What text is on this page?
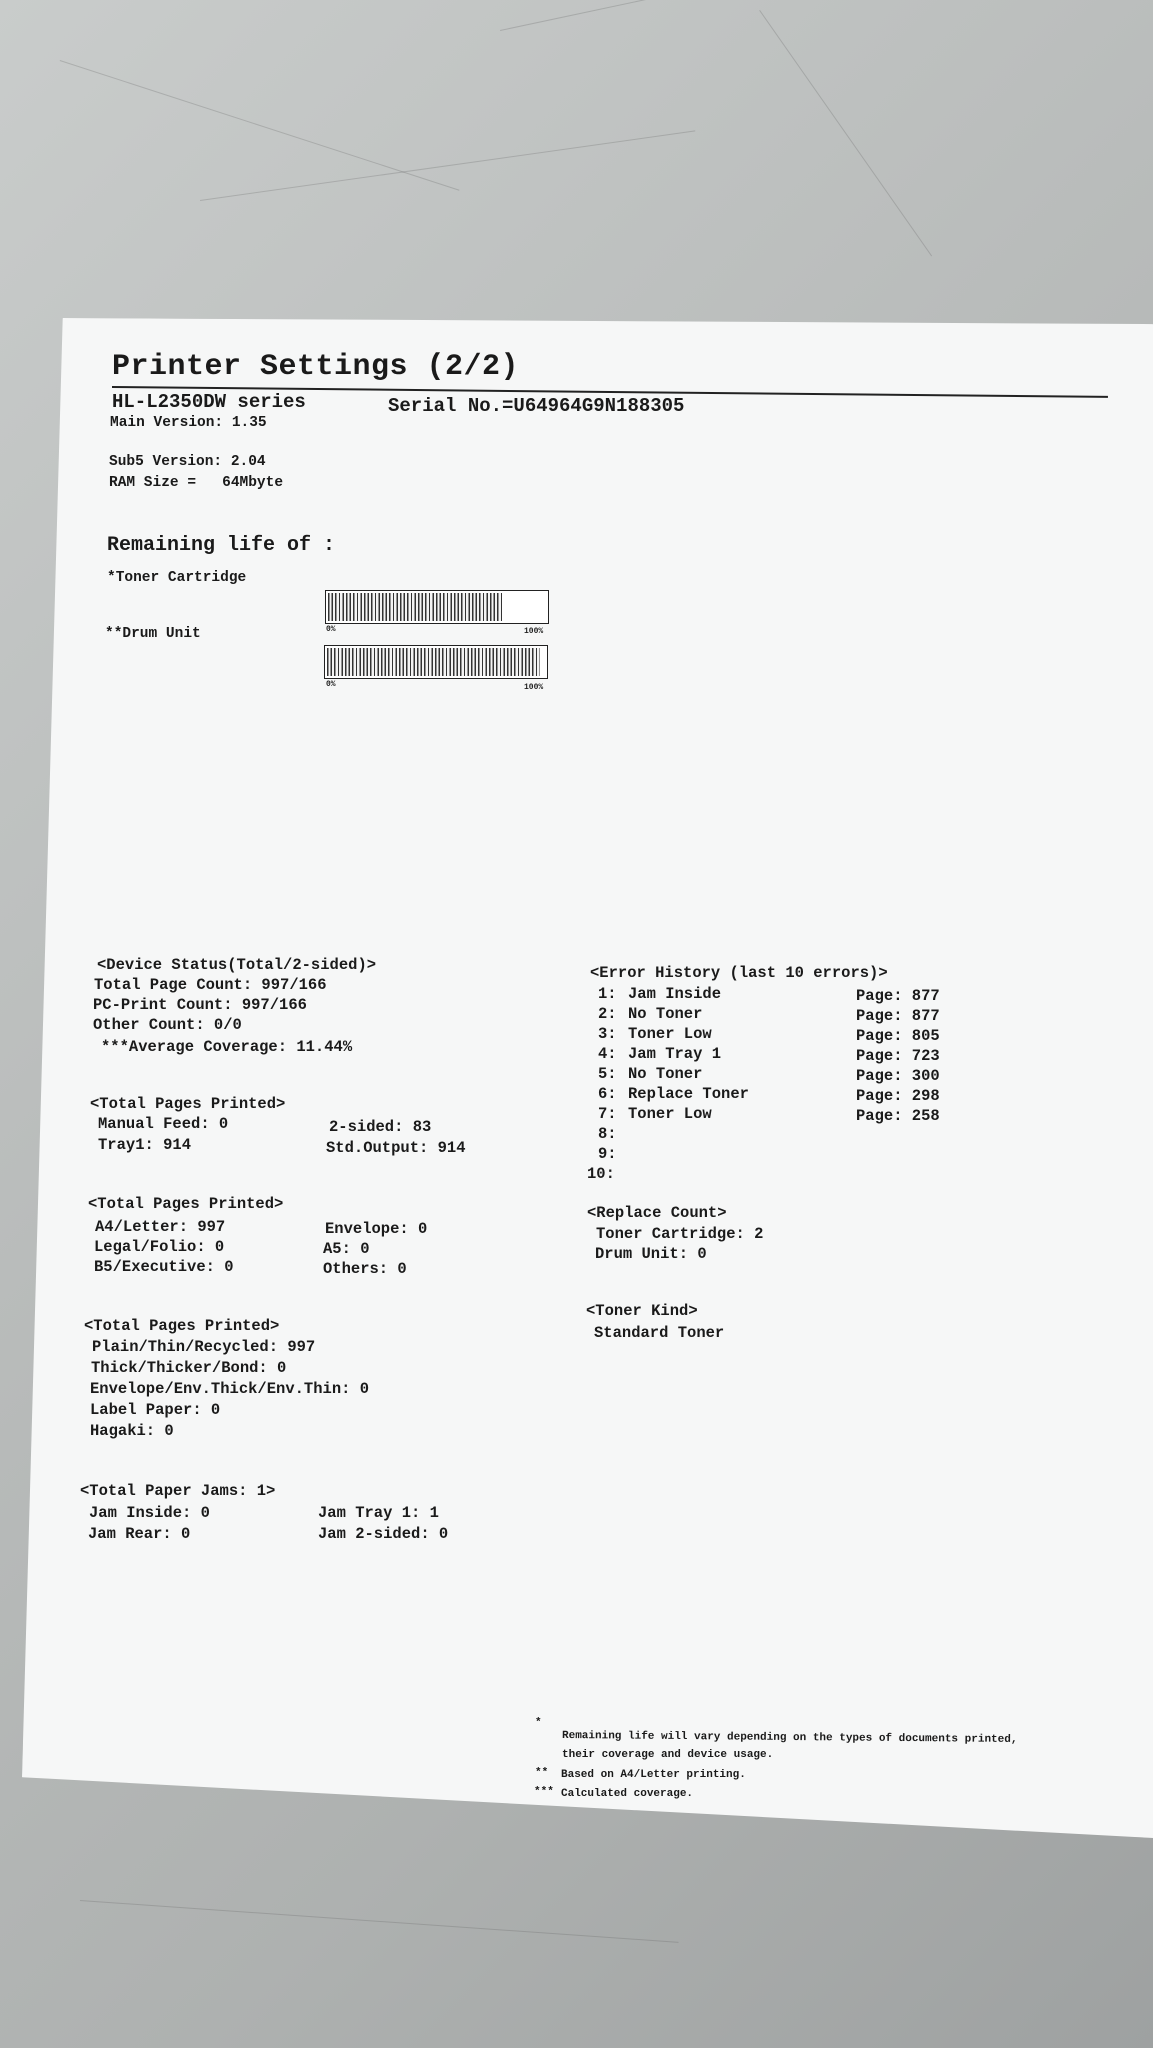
Printer Settings (2/2)
HL-L2350DW series	Serial No.=U64964G9N188305
Main Version: 1.35
Sub5 Version: 2.04
RAM Size =   64Mbyte
Remaining life of :
*Toner Cartridge
0%	100%
**Drum Unit
0%	100%
<Device Status(Total/2-sided)>
Total Page Count: 997/166
PC-Print Count: 997/166
Other Count: 0/0
***Average Coverage: 11.44%
<Total Pages Printed>
Manual Feed: 0	2-sided: 83
Tray1: 914	Std.Output: 914
<Total Pages Printed>
A4/Letter: 997	Envelope: 0
Legal/Folio: 0	A5: 0
B5/Executive: 0	Others: 0
<Total Pages Printed>
Plain/Thin/Recycled: 997
Thick/Thicker/Bond: 0
Envelope/Env.Thick/Env.Thin: 0
Label Paper: 0
Hagaki: 0
<Total Paper Jams: 1>
Jam Inside: 0	Jam Tray 1: 1
Jam Rear: 0	Jam 2-sided: 0
<Error History (last 10 errors)>
1: Jam Inside	Page: 877
2: No Toner	Page: 877
3: Toner Low	Page: 805
4: Jam Tray 1	Page: 723
5: No Toner	Page: 300
6: Replace Toner	Page: 298
7: Toner Low	Page: 258
8:
9:
10:
<Replace Count>
Toner Cartridge: 2
Drum Unit: 0
<Toner Kind>
Standard Toner
*
Remaining life will vary depending on the types of documents printed,
their coverage and device usage.
** Based on A4/Letter printing.
*** Calculated coverage.
